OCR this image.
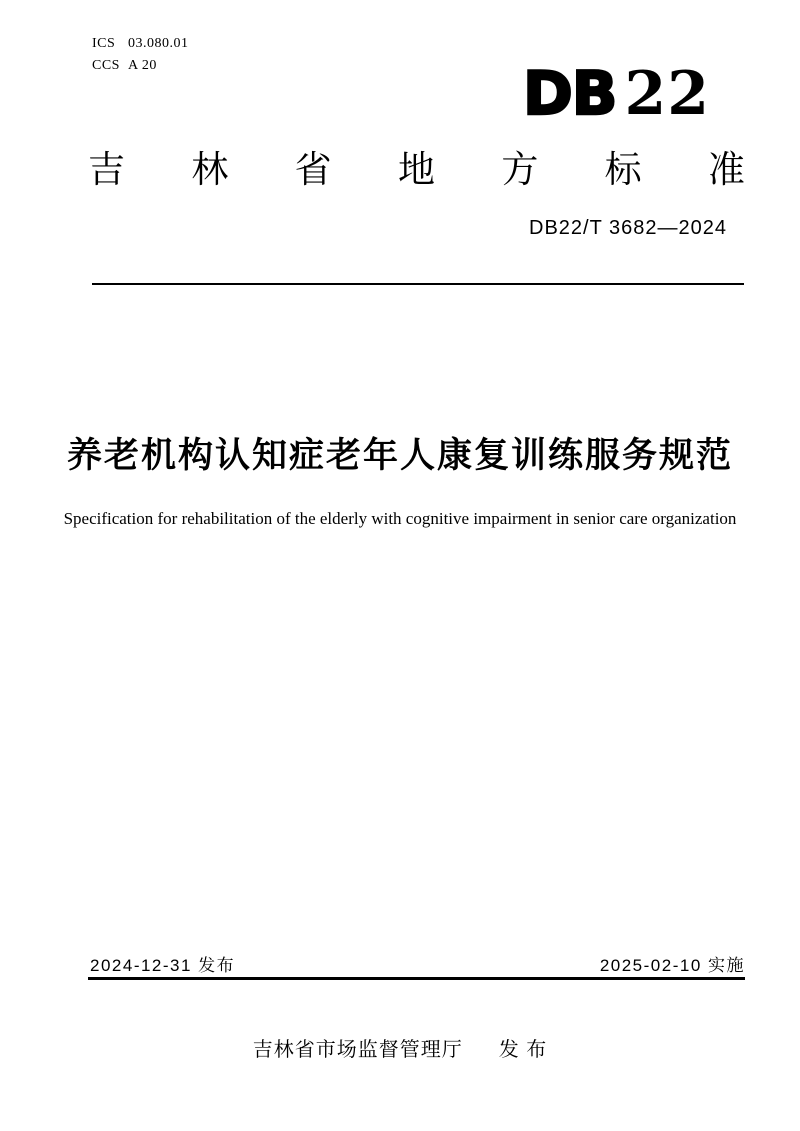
ICS 03.080.01
CCS A 20	DB 22
吉 林 省 地 方 标 准
DB22/T 3682—2024
养老机构认知症老年人康复训练服务规范
Specification for rehabilitation of the elderly with cognitive impairment in senior care organization
2024-12-31 发布	2025-02-10 实施
吉林省市场监督管理厅 发 布
